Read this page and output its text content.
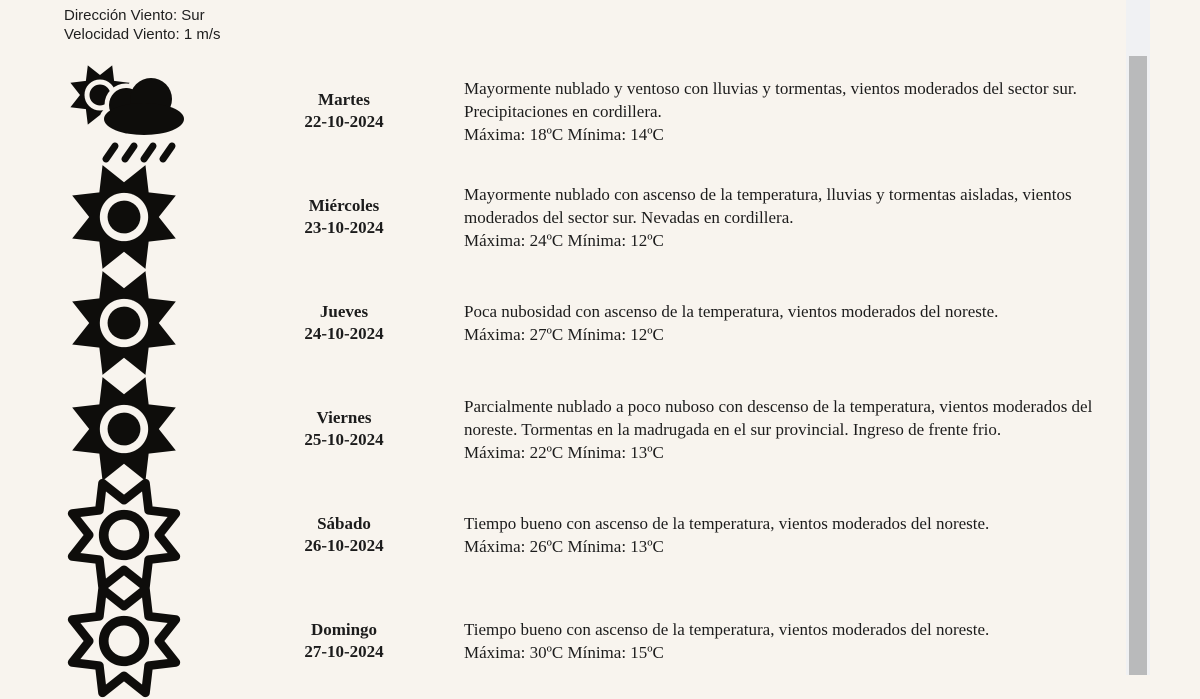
Dirección Viento: Sur
Velocidad Viento: 1 m/s
Martes
22-10-2024
Mayormente nublado y ventoso con lluvias y tormentas, vientos moderados del sector sur. Precipitaciones en cordillera.
Máxima: 18ºC Mínima: 14ºC
Miércoles
23-10-2024
Mayormente nublado con ascenso de la temperatura, lluvias y tormentas aisladas, vientos moderados del sector sur. Nevadas en cordillera.
Máxima: 24ºC Mínima: 12ºC
Jueves
24-10-2024
Poca nubosidad con ascenso de la temperatura, vientos moderados del noreste.
Máxima: 27ºC Mínima: 12ºC
Viernes
25-10-2024
Parcialmente nublado a poco nuboso con descenso de la temperatura, vientos moderados del noreste. Tormentas en la madrugada en el sur provincial. Ingreso de frente frio.
Máxima: 22ºC Mínima: 13ºC
Sábado
26-10-2024
Tiempo bueno con ascenso de la temperatura, vientos moderados del noreste.
Máxima: 26ºC Mínima: 13ºC
Domingo
27-10-2024
Tiempo bueno con ascenso de la temperatura, vientos moderados del noreste.
Máxima: 30ºC Mínima: 15ºC
